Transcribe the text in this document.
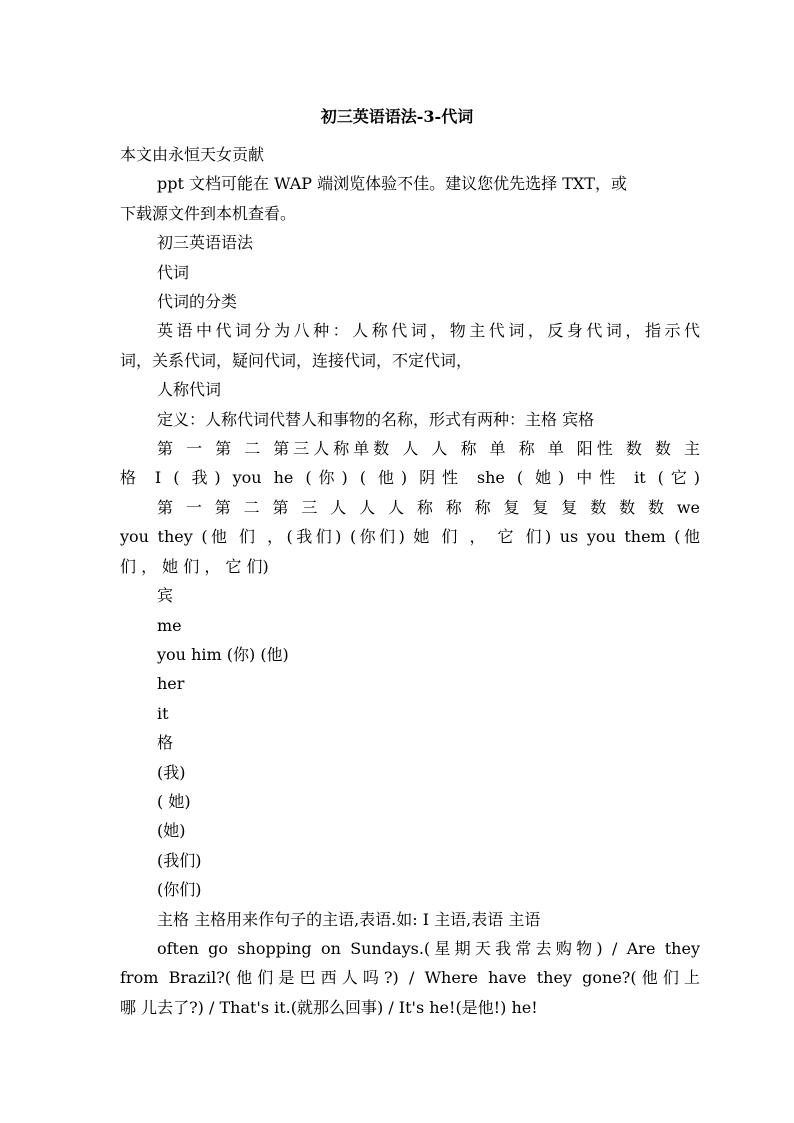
初三英语语法-3-代词

本文由永恒天女贡献

ppt 文档可能在 WAP 端浏览体验不佳。建议您优先选择 TXT，或

下载源文件到本机查看。

初三英语语法

代词

代词的分类

英语中代词分为八种：人称代词，物主代词，反身代词，指示代

词，关系代词，疑问代词，连接代词，不定代词，

人称代词

定义：人称代词代替人和事物的名称，形式有两种：主格 宾格

第 一 第 二 第三人称单数 人 人 称 单 称 单 阳性 数 数 主

格 I ( 我) you he (你) ( 他) 阴性 she ( 她) 中性 it (它)

第 一 第 二 第 三 人 人 人 称 称 称 复 复 复 数 数 数 we

you they (他 们 ，(我们) (你们) 她 们 ， 它 们) us you them (他

们 ， 她 们 ， 它 们)

宾

me

you him (你) (他)

her

it

格

(我)

( 她)

(她)

(我们)

(你们)

主格 主格用来作句子的主语,表语.如: I 主语,表语 主语

often go shopping on Sundays.(星期天我常去购物) / Are they

from Brazil?(他们是巴西人吗?) / Where have they gone?(他们上

哪 儿去了?) / That's it.(就那么回事) / It's he!(是他!) he!
